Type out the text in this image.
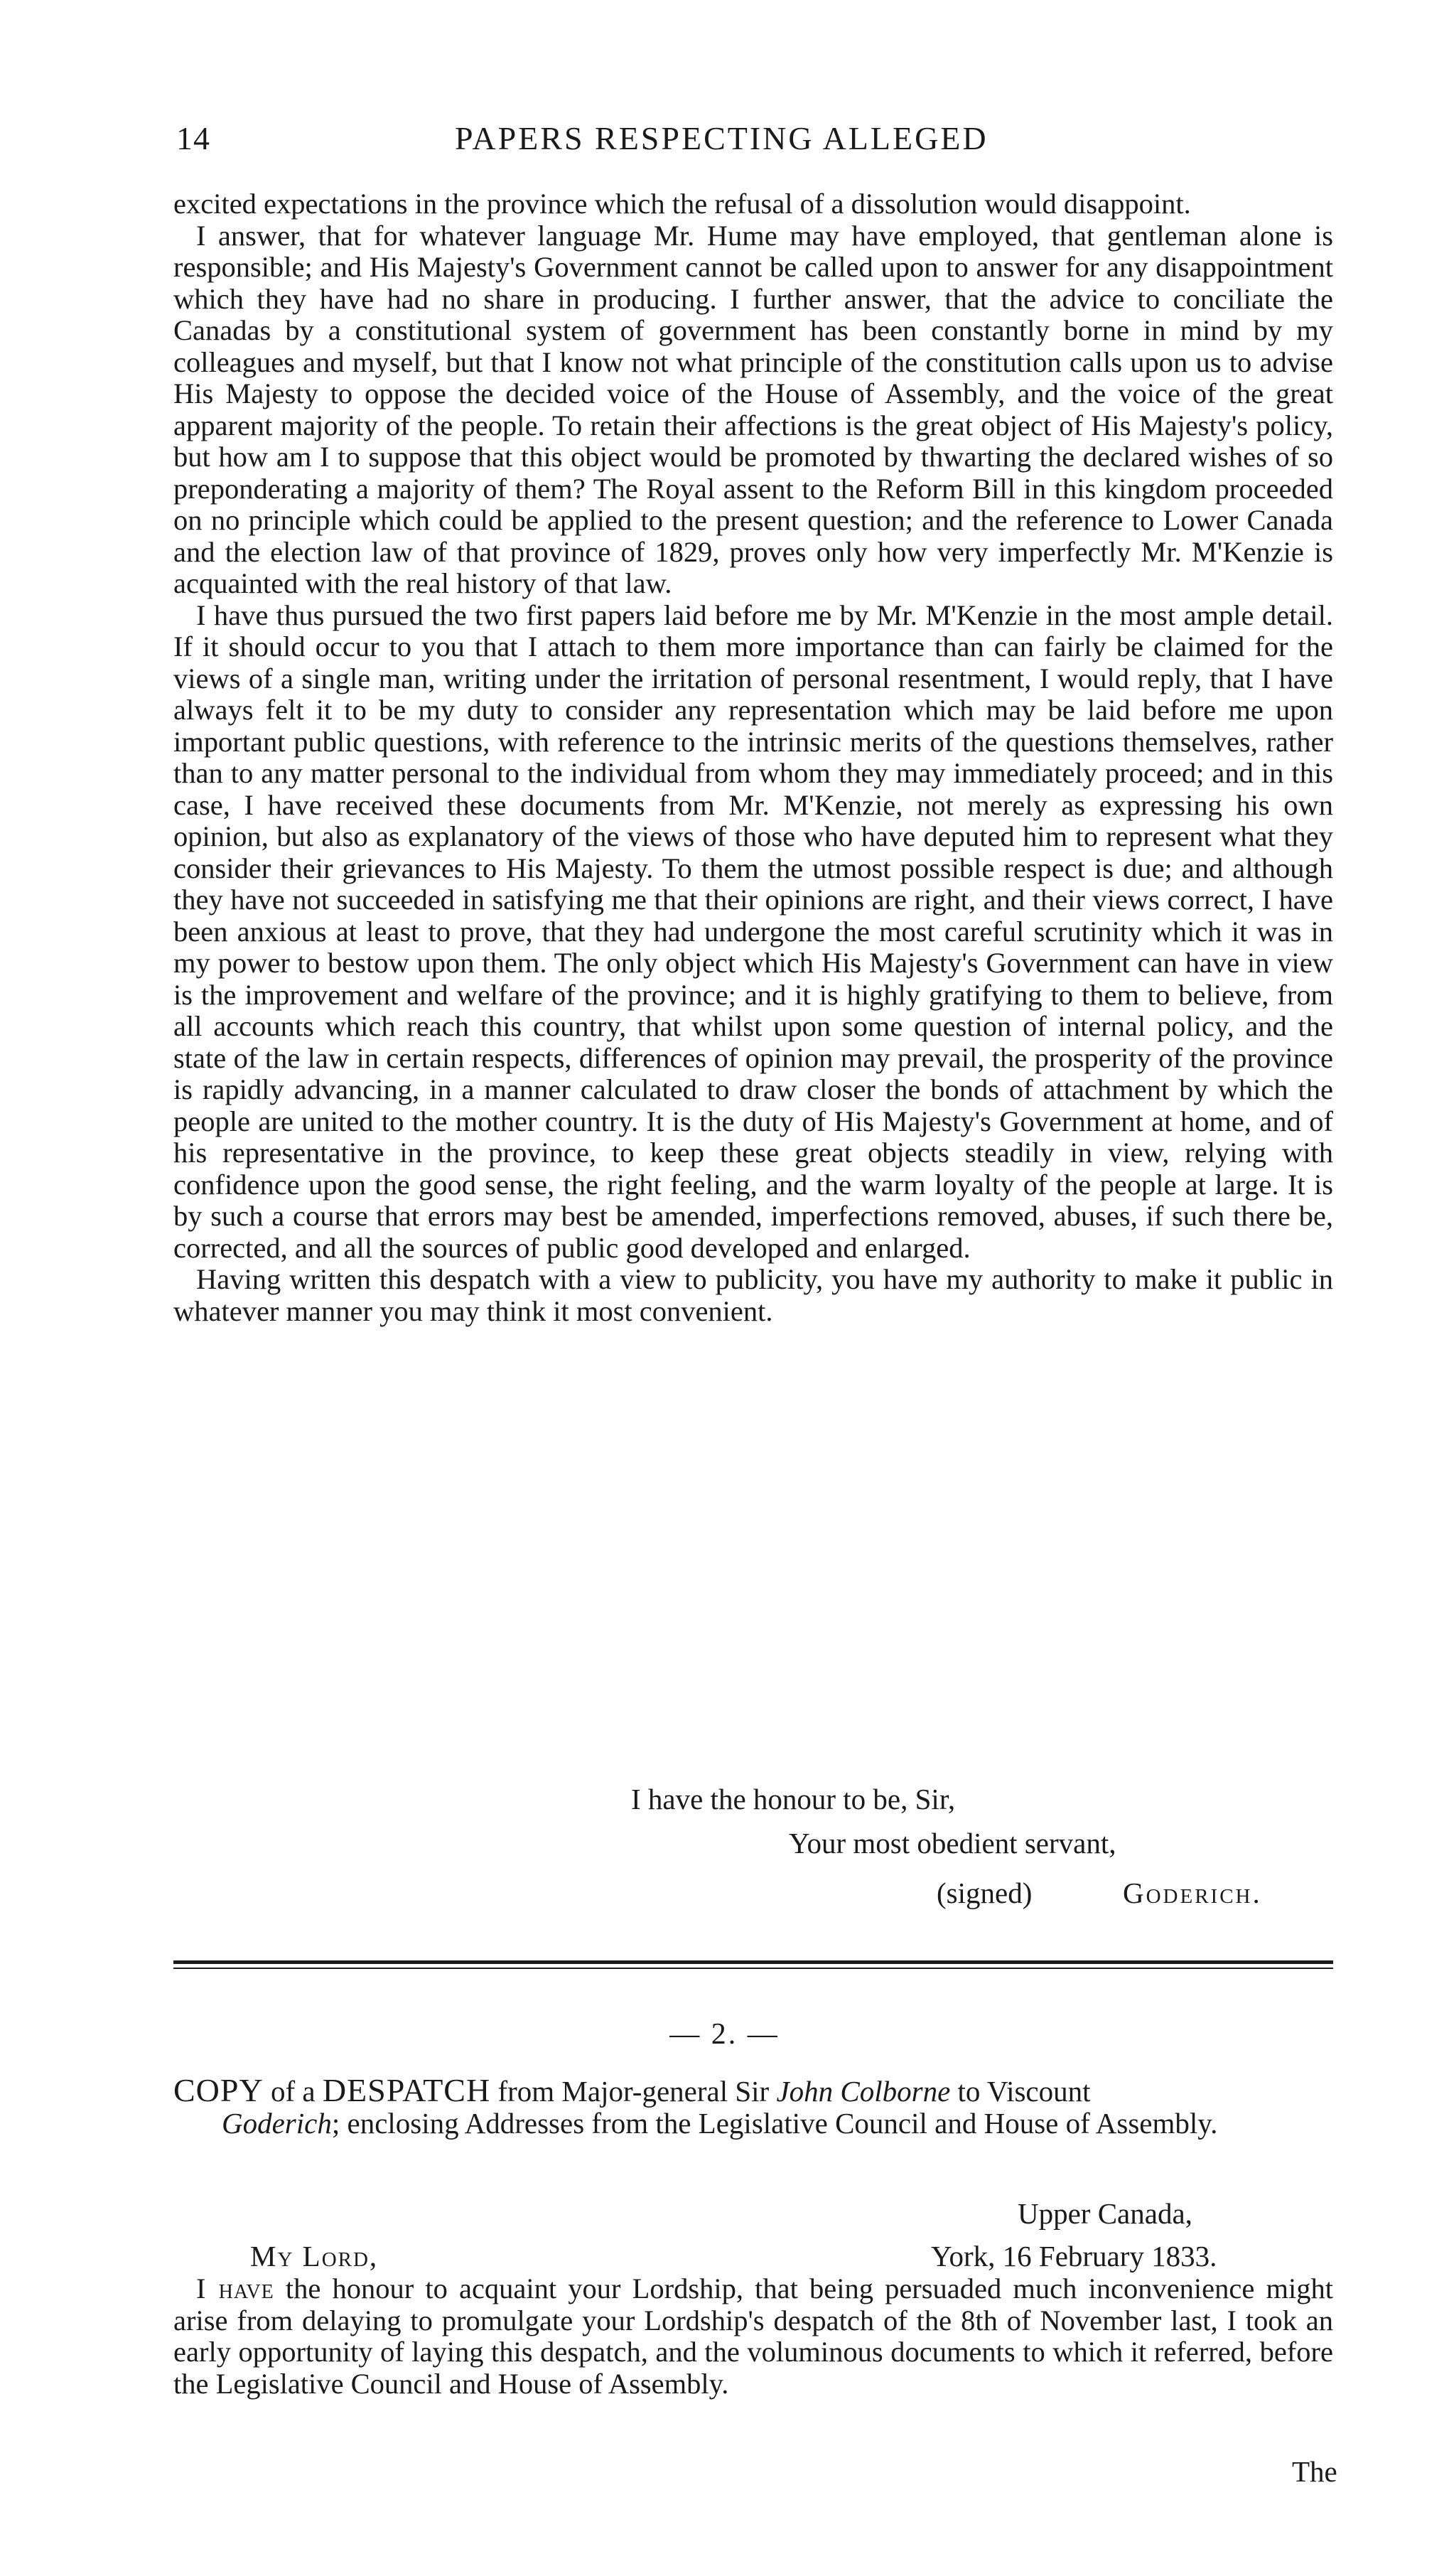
14	PAPERS RESPECTING ALLEGED

excited expectations in the province which the refusal of a dissolution would disappoint.

I answer, that for whatever language Mr. Hume may have employed, that gentleman alone is responsible; and His Majesty's Government cannot be called upon to answer for any disappointment which they have had no share in producing. I further answer, that the advice to conciliate the Canadas by a constitutional system of government has been constantly borne in mind by my colleagues and myself, but that I know not what principle of the constitution calls upon us to advise His Majesty to oppose the decided voice of the House of Assembly, and the voice of the great apparent majority of the people. To retain their affections is the great object of His Majesty's policy, but how am I to suppose that this object would be promoted by thwarting the declared wishes of so preponderating a majority of them? The Royal assent to the Reform Bill in this kingdom proceeded on no principle which could be applied to the present question; and the reference to Lower Canada and the election law of that province of 1829, proves only how very imperfectly Mr. M'Kenzie is acquainted with the real history of that law.

I have thus pursued the two first papers laid before me by Mr. M'Kenzie in the most ample detail. If it should occur to you that I attach to them more importance than can fairly be claimed for the views of a single man, writing under the irritation of personal resentment, I would reply, that I have always felt it to be my duty to consider any representation which may be laid before me upon important public questions, with reference to the intrinsic merits of the questions themselves, rather than to any matter personal to the individual from whom they may immediately proceed; and in this case, I have received these documents from Mr. M'Kenzie, not merely as expressing his own opinion, but also as explanatory of the views of those who have deputed him to represent what they consider their grievances to His Majesty. To them the utmost possible respect is due; and although they have not succeeded in satisfying me that their opinions are right, and their views correct, I have been anxious at least to prove, that they had undergone the most careful scrutinity which it was in my power to bestow upon them. The only object which His Majesty's Government can have in view is the improvement and welfare of the province; and it is highly gratifying to them to believe, from all accounts which reach this country, that whilst upon some question of internal policy, and the state of the law in certain respects, differences of opinion may prevail, the prosperity of the province is rapidly advancing, in a manner calculated to draw closer the bonds of attachment by which the people are united to the mother country. It is the duty of His Majesty's Government at home, and of his representative in the province, to keep these great objects steadily in view, relying with confidence upon the good sense, the right feeling, and the warm loyalty of the people at large. It is by such a course that errors may best be amended, imperfections removed, abuses, if such there be, corrected, and all the sources of public good developed and enlarged.

Having written this despatch with a view to publicity, you have my authority to make it public in whatever manner you may think it most convenient.

I have the honour to be, Sir,
Your most obedient servant,
(signed)	Goderich.
— 2. —
COPY of a DESPATCH from Major-general Sir John Colborne to Viscount
Goderich; enclosing Addresses from the Legislative Council and House of Assembly.
Upper Canada,
My Lord,	York, 16 February 1833.
I have the honour to acquaint your Lordship, that being persuaded much inconvenience might arise from delaying to promulgate your Lordship's despatch of the 8th of November last, I took an early opportunity of laying this despatch, and the voluminous documents to which it referred, before the Legislative Council and House of Assembly.
The
